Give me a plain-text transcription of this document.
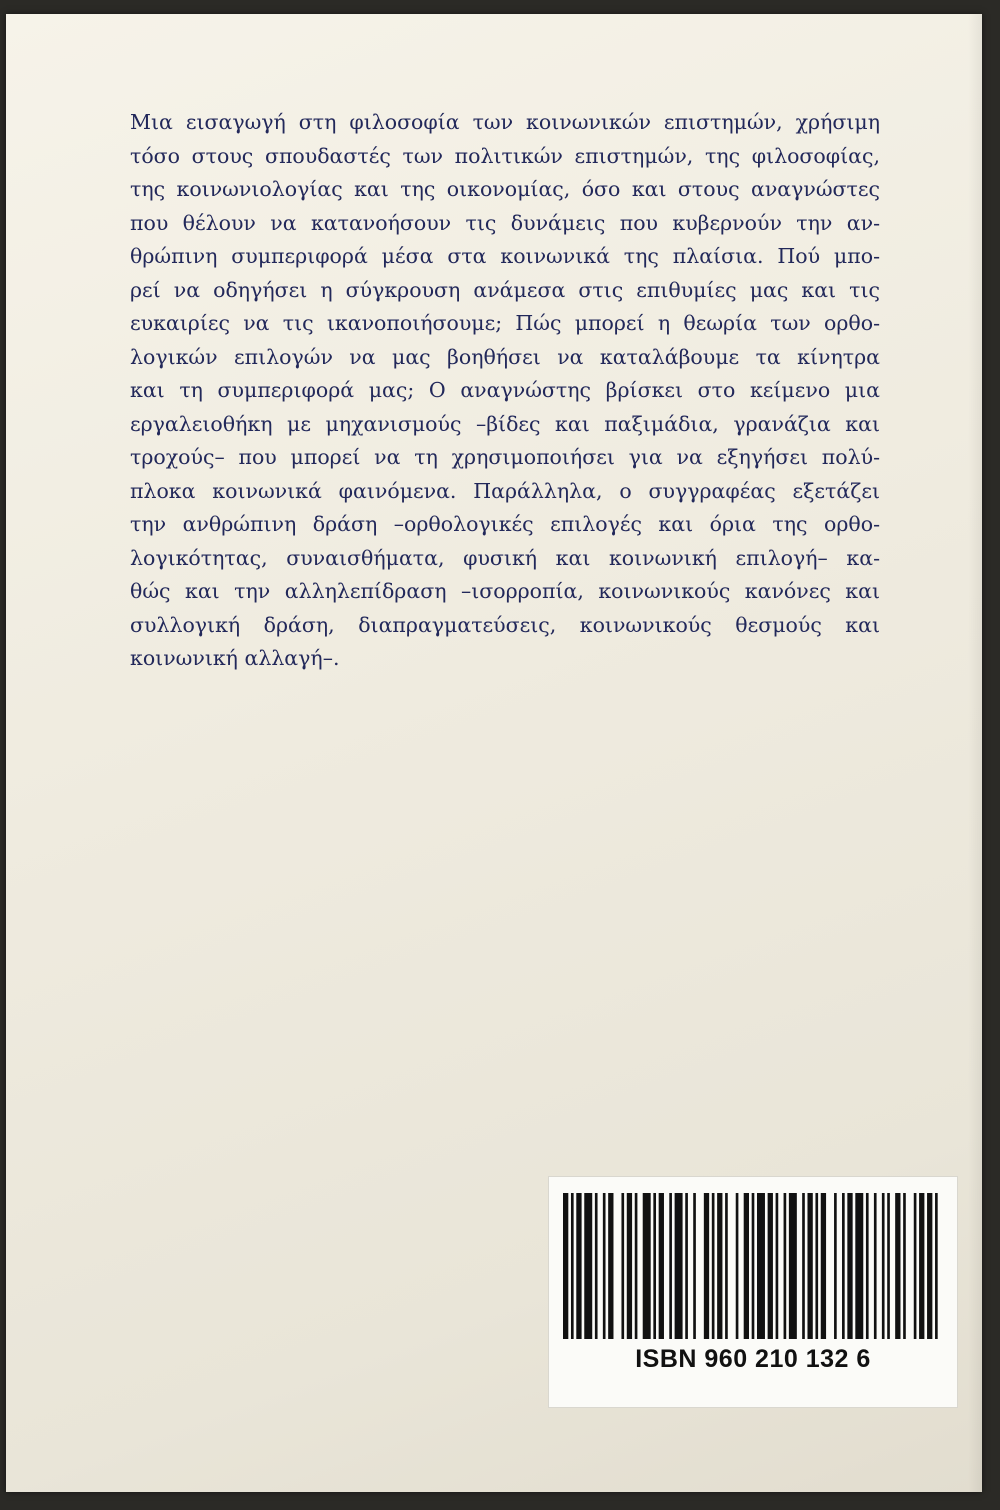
Μια εισαγωγή στη φιλοσοφία των κοινωνικών επιστημών, χρήσιμη
τόσο στους σπουδαστές των πολιτικών επιστημών, της φιλοσοφίας,
της κοινωνιολογίας και της οικονομίας, όσο και στους αναγνώστες
που θέλουν να κατανοήσουν τις δυνάμεις που κυβερνούν την αν-
θρώπινη συμπεριφορά μέσα στα κοινωνικά της πλαίσια. Πού μπο-
ρεί να οδηγήσει η σύγκρουση ανάμεσα στις επιθυμίες μας και τις
ευκαιρίες να τις ικανοποιήσουμε; Πώς μπορεί η θεωρία των ορθο-
λογικών επιλογών να μας βοηθήσει να καταλάβουμε τα κίνητρα
και τη συμπεριφορά μας; Ο αναγνώστης βρίσκει στο κείμενο μια
εργαλειοθήκη με μηχανισμούς –βίδες και παξιμάδια, γρανάζια και
τροχούς– που μπορεί να τη χρησιμοποιήσει για να εξηγήσει πολύ-
πλοκα κοινωνικά φαινόμενα. Παράλληλα, ο συγγραφέας εξετάζει
την ανθρώπινη δράση –ορθολογικές επιλογές και όρια της ορθο-
λογικότητας, συναισθήματα, φυσική και κοινωνική επιλογή– κα-
θώς και την αλληλεπίδραση –ισορροπία, κοινωνικούς κανόνες και
συλλογική δράση, διαπραγματεύσεις, κοινωνικούς θεσμούς και
κοινωνική αλλαγή–.
ISBN 960 210 132 6
